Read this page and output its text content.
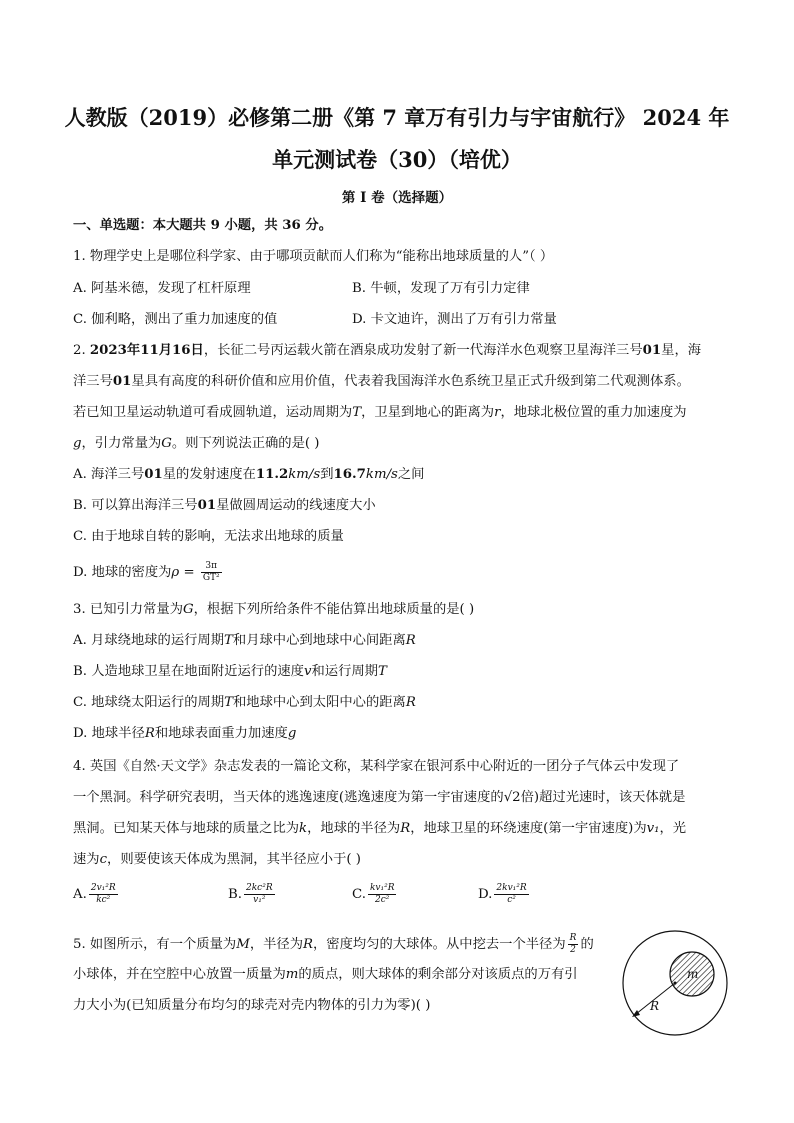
人教版（2019）必修第二册《第 7 章万有引力与宇宙航行》 2024 年
单元测试卷（30）（培优）
第 I 卷（选择题）
一、单选题：本大题共 9 小题，共 36 分。
1. 物理学史上是哪位科学家、由于哪项贡献而人们称为“能称出地球质量的人”（ ）
A. 阿基米德，发现了杠杆原理	B. 牛顿，发现了万有引力定律
C. 伽利略，测出了重力加速度的值	D. 卡文迪许，测出了万有引力常量
2. 2023年11月16日，长征二号丙运载火箭在酒泉成功发射了新一代海洋水色观察卫星海洋三号01星，海
洋三号01星具有高度的科研价值和应用价值，代表着我国海洋水色系统卫星正式升级到第二代观测体系。
若已知卫星运动轨道可看成圆轨道，运动周期为T，卫星到地心的距离为r，地球北极位置的重力加速度为
g，引力常量为G。则下列说法正确的是( )
A. 海洋三号01星的发射速度在11.2km/s到16.7km/s之间
B. 可以算出海洋三号01星做圆周运动的线速度大小
C. 由于地球自转的影响，无法求出地球的质量
D. 地球的密度为$\rho = \frac{3\pi}{\text{GT²}}$
3. 已知引力常量为G，根据下列所给条件不能估算出地球质量的是( )
A. 月球绕地球的运行周期T和月球中心到地球中心间距离R
B. 人造地球卫星在地面附近运行的速度v和运行周期T
C. 地球绕太阳运行的周期T和地球中心到太阳中心的距离R
D. 地球半径R和地球表面重力加速度g
4. 英国《自然·天文学》杂志发表的一篇论文称，某科学家在银河系中心附近的一团分子气体云中发现了
一个黑洞。科学研究表明，当天体的逃逸速度(逃逸速度为第一宇宙速度的√2倍)超过光速时，该天体就是
黑洞。已知某天体与地球的质量之比为k，地球的半径为R，地球卫星的环绕速度(第一宇宙速度)为v₁，光
速为c，则要使该天体成为黑洞，其半径应小于( )
A. $\frac{\text{2v₁²R}}{\text{kc²}}$	B. $\frac{\text{2kc²R}}{\text{v₁²}}$	C. $\frac{\text{kv₁²R}}{\text{2c²}}$	D. $\frac{\text{2kv₁²R}}{\text{c²}}$
5. 如图所示，有一个质量为M，半径为R，密度均匀的大球体。从中挖去一个半径为 $\frac{R}{2}$ 的
小球体，并在空腔中心放置一质量为m的质点，则大球体的剩余部分对该质点的万有引
力大小为(已知质量分布均匀的球壳对壳内物体的引力为零)( )	R
m
